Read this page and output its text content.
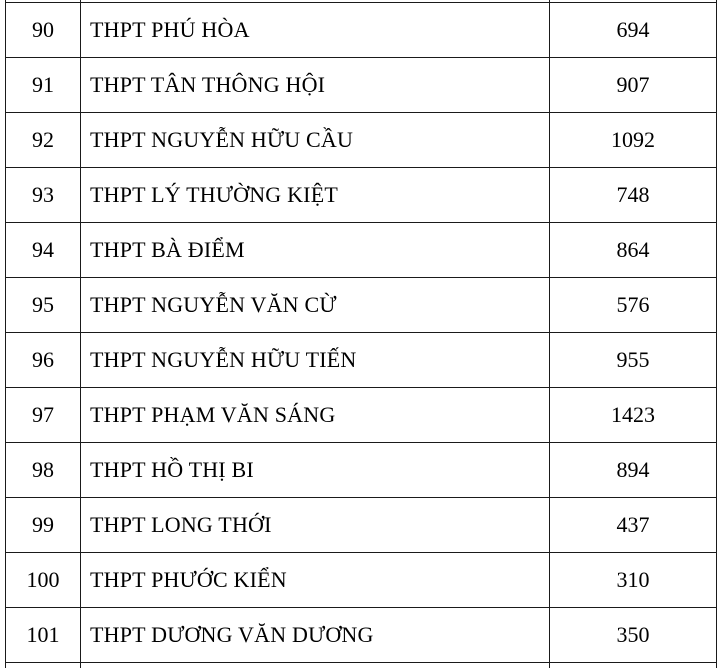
90	THPT PHÚ HÒA	694
91	THPT TÂN THÔNG HỘI	907
92	THPT NGUYỄN HỮU CẦU	1092
93	THPT LÝ THƯỜNG KIỆT	748
94	THPT BÀ ĐIỂM	864
95	THPT NGUYỄN VĂN CỪ	576
96	THPT NGUYỄN HỮU TIẾN	955
97	THPT PHẠM VĂN SÁNG	1423
98	THPT HỒ THỊ BI	894
99	THPT LONG THỚI	437
100	THPT PHƯỚC KIỂN	310
101	THPT DƯƠNG VĂN DƯƠNG	350
